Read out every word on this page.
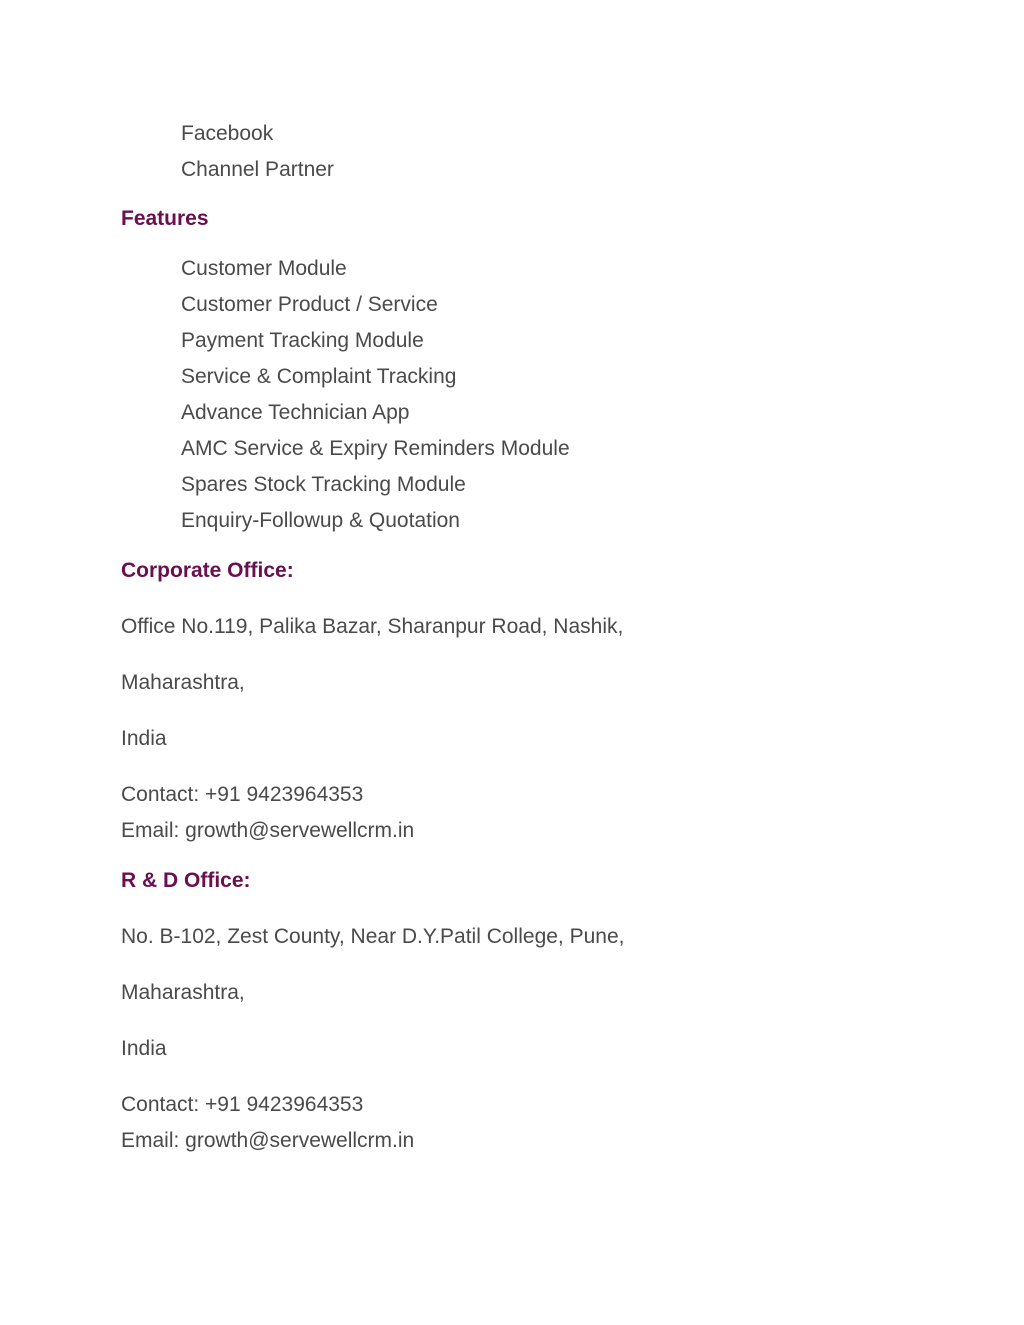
Facebook
Channel Partner
Features
Customer Module
Customer Product / Service
Payment Tracking Module
Service & Complaint Tracking
Advance Technician App
AMC Service & Expiry Reminders Module
Spares Stock Tracking Module
Enquiry-Followup & Quotation
Corporate Office:
Office No.119, Palika Bazar, Sharanpur Road, Nashik,
Maharashtra,
India
Contact: +91 9423964353
Email: growth@servewellcrm.in
R & D Office:
No. B-102, Zest County, Near D.Y.Patil College, Pune,
Maharashtra,
India
Contact: +91 9423964353
Email: growth@servewellcrm.in
